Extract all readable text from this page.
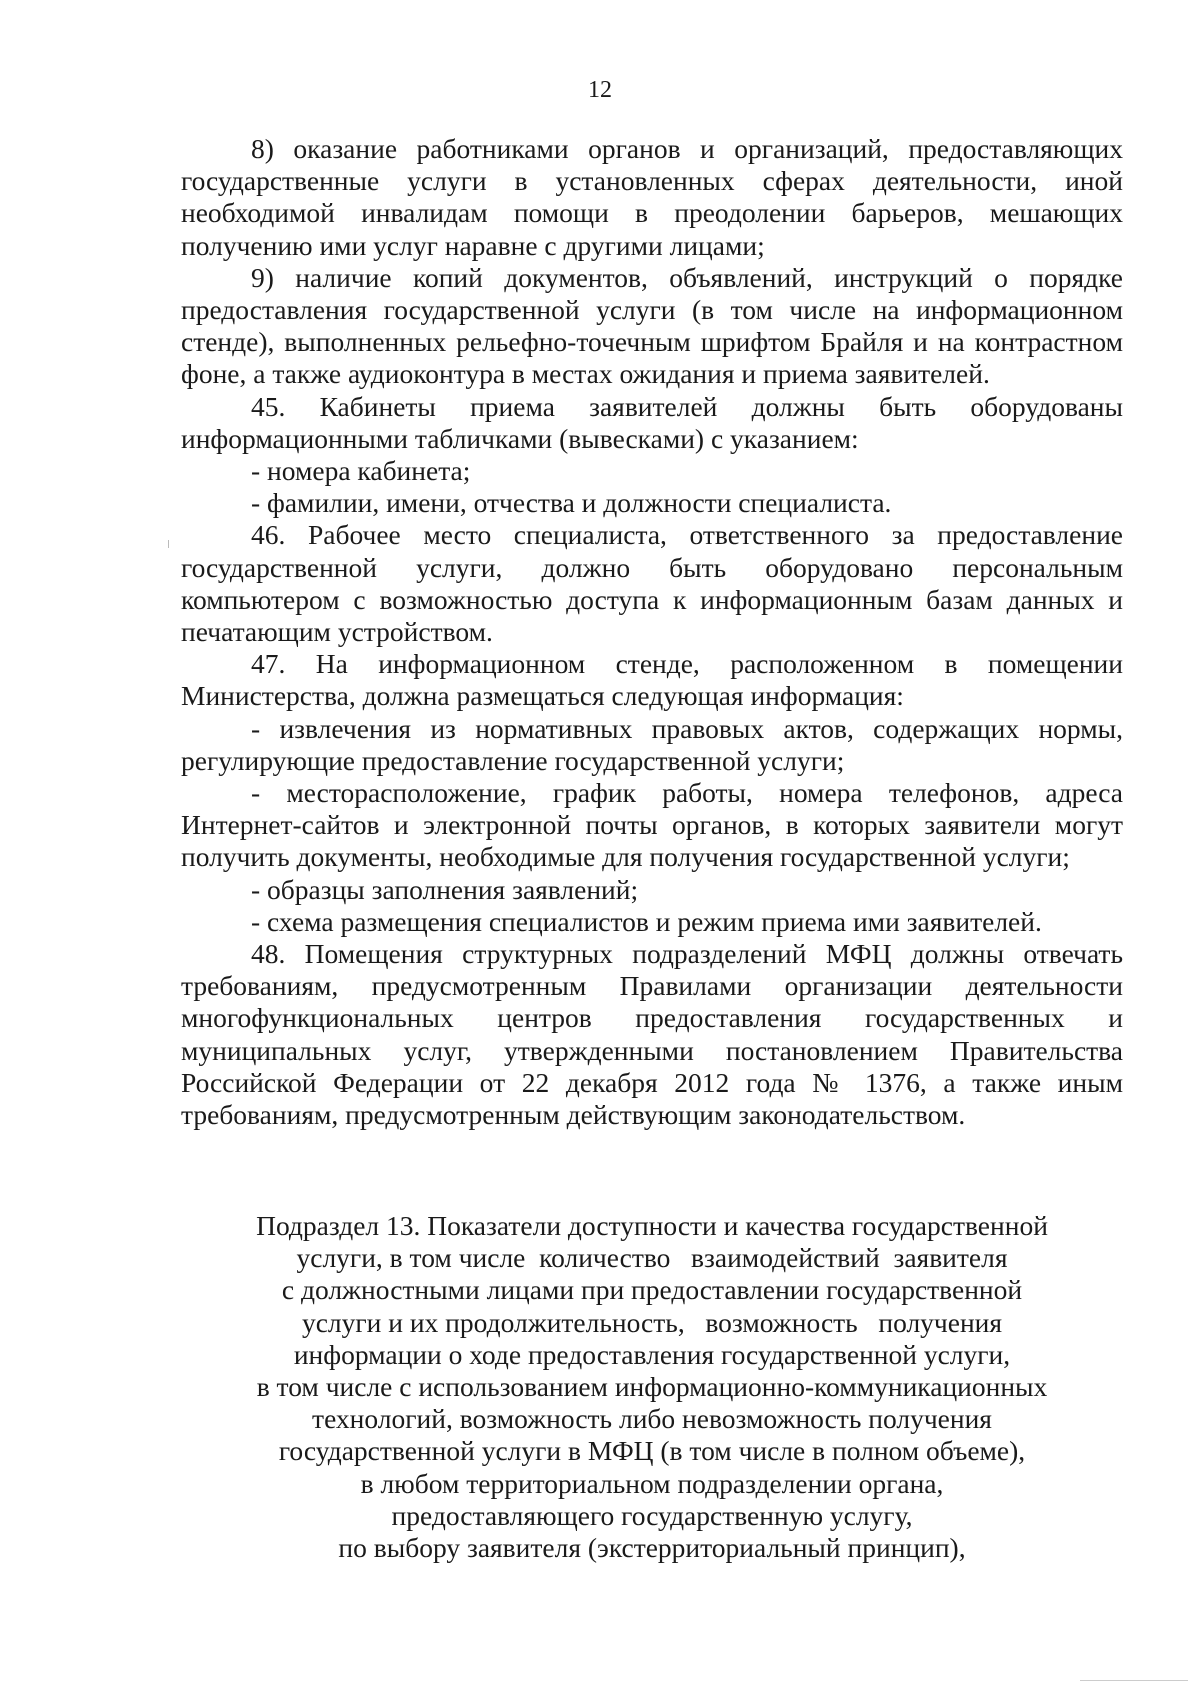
12

8) оказание работниками органов и организаций, предоставляющих государственные услуги в установленных сферах деятельности, иной необходимой инвалидам помощи в преодолении барьеров, мешающих получению ими услуг наравне с другими лицами;

9) наличие копий документов, объявлений, инструкций о порядке предоставления государственной услуги (в том числе на информационном стенде), выполненных рельефно-точечным шрифтом Брайля и на контрастном фоне, а также аудиоконтура в местах ожидания и приема заявителей.

45. Кабинеты приема заявителей должны быть оборудованы информационными табличками (вывесками) с указанием:

- номера кабинета;

- фамилии, имени, отчества и должности специалиста.

46. Рабочее место специалиста, ответственного за предоставление государственной услуги, должно быть оборудовано персональным компьютером с возможностью доступа к информационным базам данных и печатающим устройством.

47. На информационном стенде, расположенном в помещении Министерства, должна размещаться следующая информация:

- извлечения из нормативных правовых актов, содержащих нормы, регулирующие предоставление государственной услуги;

- месторасположение, график работы, номера телефонов, адреса Интернет-сайтов и электронной почты органов, в которых заявители могут получить документы, необходимые для получения государственной услуги;

- образцы заполнения заявлений;

- схема размещения специалистов и режим приема ими заявителей.

48. Помещения структурных подразделений МФЦ должны отвечать требованиям, предусмотренным Правилами организации деятельности многофункциональных центров предоставления государственных и муниципальных услуг, утвержденными постановлением Правительства Российской Федерации от 22 декабря 2012 года № 1376, а также иным требованиям, предусмотренным действующим законодательством.

Подраздел 13. Показатели доступности и качества государственной
услуги, в том числе  количество   взаимодействий  заявителя
с должностными лицами при предоставлении государственной
услуги и их продолжительность,   возможность   получения
информации о ходе предоставления государственной услуги,
в том числе с использованием информационно-коммуникационных
технологий, возможность либо невозможность получения
государственной услуги в МФЦ (в том числе в полном объеме),
в любом территориальном подразделении органа,
предоставляющего государственную услугу,
по выбору заявителя (экстерриториальный принцип),
